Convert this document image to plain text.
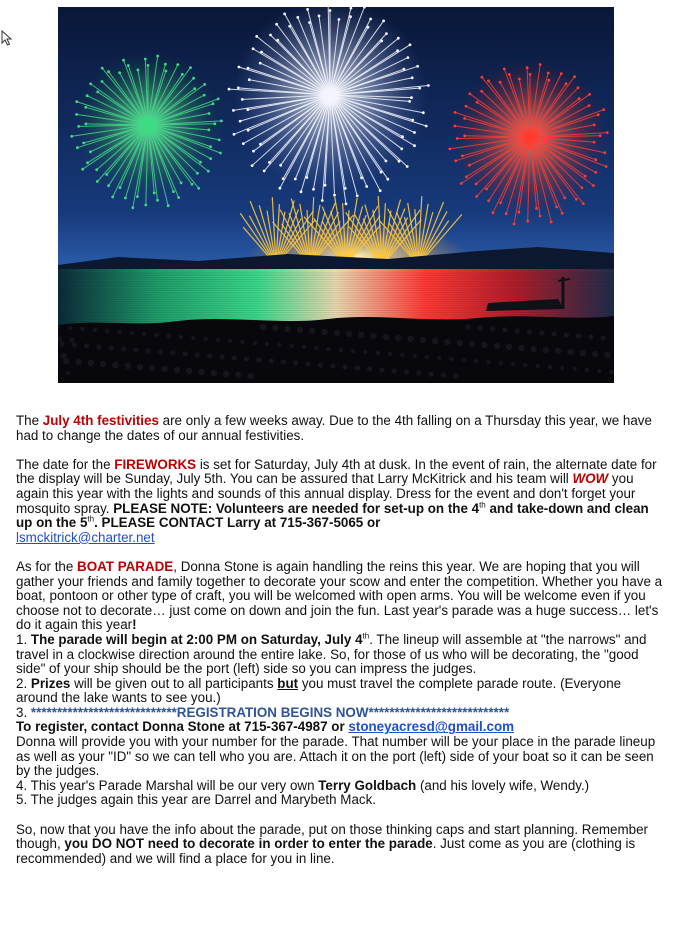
The July 4th festivities are only a few weeks away. Due to the 4th falling on a Thursday this year, we have had to change the dates of our annual festivities.

The date for the FIREWORKS is set for Saturday, July 4th at dusk. In the event of rain, the alternate date for the display will be Sunday, July 5th. You can be assured that Larry McKitrick and his team will WOW you again this year with the lights and sounds of this annual display. Dress for the event and don't forget your mosquito spray. PLEASE NOTE: Volunteers are needed for set-up on the 4th and take-down and clean up on the 5th. PLEASE CONTACT Larry at 715-367-5065 or
lsmckitrick@charter.net

As for the BOAT PARADE, Donna Stone is again handling the reins this year. We are hoping that you will gather your friends and family together to decorate your scow and enter the competition. Whether you have a boat, pontoon or other type of craft, you will be welcomed with open arms. You will be welcome even if you choose not to decorate… just come on down and join the fun. Last year's parade was a huge success… let's do it again this year!

1. The parade will begin at 2:00 PM on Saturday, July 4th. The lineup will assemble at "the narrows" and travel in a clockwise direction around the entire lake. So, for those of us who will be decorating, the "good side" of your ship should be the port (left) side so you can impress the judges.

2. Prizes will be given out to all participants but you must travel the complete parade route. (Everyone around the lake wants to see you.)

3. ****************************REGISTRATION BEGINS NOW***************************
To register, contact Donna Stone at 715-367-4987 or stoneyacresd@gmail.com
Donna will provide you with your number for the parade. That number will be your place in the parade lineup as well as your "ID" so we can tell who you are. Attach it on the port (left) side of your boat so it can be seen by the judges.

4. This year's Parade Marshal will be our very own Terry Goldbach (and his lovely wife, Wendy.)

5. The judges again this year are Darrel and Marybeth Mack.

So, now that you have the info about the parade, put on those thinking caps and start planning. Remember though, you DO NOT need to decorate in order to enter the parade. Just come as you are (clothing is recommended) and we will find a place for you in line.
